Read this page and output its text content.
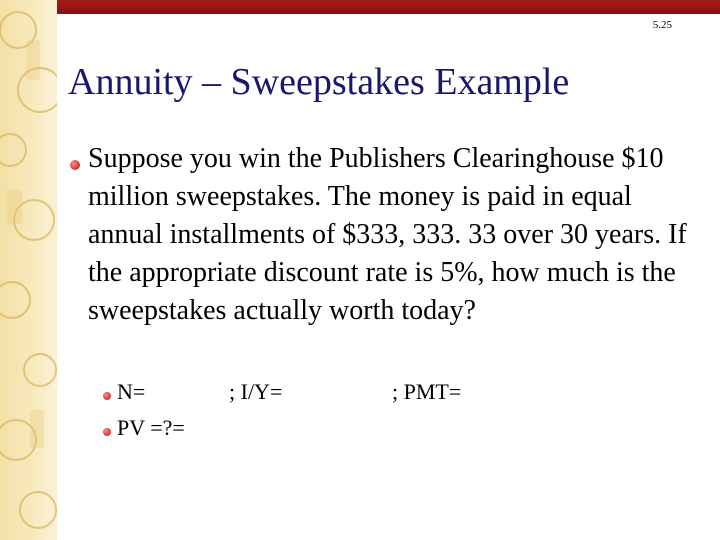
5.25
Annuity – Sweepstakes Example

Suppose you win the Publishers Clearinghouse $10 million sweepstakes. The money is paid in equal annual installments of $333, 333. 33 over 30 years. If the appropriate discount rate is 5%, how much is the sweepstakes actually worth today?

N=	; I/Y=	; PMT=
PV =?=
